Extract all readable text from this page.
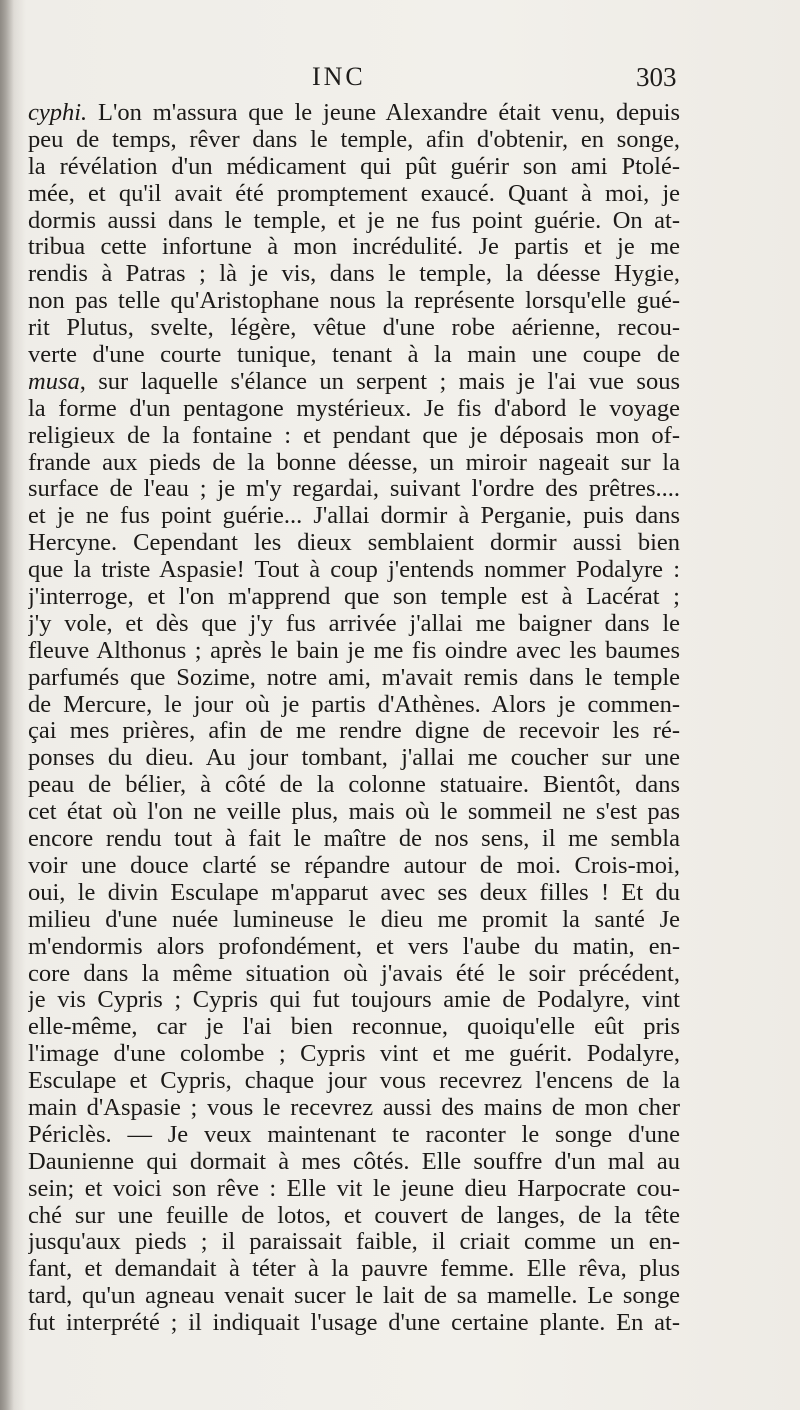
INC	303
cyphi. L'on m'assura que le jeune Alexandre était venu, depuis
peu de temps, rêver dans le temple, afin d'obtenir, en songe,
la révélation d'un médicament qui pût guérir son ami Ptolé-
mée, et qu'il avait été promptement exaucé. Quant à moi, je
dormis aussi dans le temple, et je ne fus point guérie. On at-
tribua cette infortune à mon incrédulité. Je partis et je me
rendis à Patras ; là je vis, dans le temple, la déesse Hygie,
non pas telle qu'Aristophane nous la représente lorsqu'elle gué-
rit Plutus, svelte, légère, vêtue d'une robe aérienne, recou-
verte d'une courte tunique, tenant à la main une coupe de
musa, sur laquelle s'élance un serpent ; mais je l'ai vue sous
la forme d'un pentagone mystérieux. Je fis d'abord le voyage
religieux de la fontaine : et pendant que je déposais mon of-
frande aux pieds de la bonne déesse, un miroir nageait sur la
surface de l'eau ; je m'y regardai, suivant l'ordre des prêtres....
et je ne fus point guérie... J'allai dormir à Perganie, puis dans
Hercyne. Cependant les dieux semblaient dormir aussi bien
que la triste Aspasie! Tout à coup j'entends nommer Podalyre :
j'interroge, et l'on m'apprend que son temple est à Lacérat ;
j'y vole, et dès que j'y fus arrivée j'allai me baigner dans le
fleuve Althonus ; après le bain je me fis oindre avec les baumes
parfumés que Sozime, notre ami, m'avait remis dans le temple
de Mercure, le jour où je partis d'Athènes. Alors je commen-
çai mes prières, afin de me rendre digne de recevoir les ré-
ponses du dieu. Au jour tombant, j'allai me coucher sur une
peau de bélier, à côté de la colonne statuaire. Bientôt, dans
cet état où l'on ne veille plus, mais où le sommeil ne s'est pas
encore rendu tout à fait le maître de nos sens, il me sembla
voir une douce clarté se répandre autour de moi. Crois-moi,
oui, le divin Esculape m'apparut avec ses deux filles ! Et du
milieu d'une nuée lumineuse le dieu me promit la santé Je
m'endormis alors profondément, et vers l'aube du matin, en-
core dans la même situation où j'avais été le soir précédent,
je vis Cypris ; Cypris qui fut toujours amie de Podalyre, vint
elle-même, car je l'ai bien reconnue, quoiqu'elle eût pris
l'image d'une colombe ; Cypris vint et me guérit. Podalyre,
Esculape et Cypris, chaque jour vous recevrez l'encens de la
main d'Aspasie ; vous le recevrez aussi des mains de mon cher
Périclès. — Je veux maintenant te raconter le songe d'une
Daunienne qui dormait à mes côtés. Elle souffre d'un mal au
sein; et voici son rêve : Elle vit le jeune dieu Harpocrate cou-
ché sur une feuille de lotos, et couvert de langes, de la tête
jusqu'aux pieds ; il paraissait faible, il criait comme un en-
fant, et demandait à téter à la pauvre femme. Elle rêva, plus
tard, qu'un agneau venait sucer le lait de sa mamelle. Le songe
fut interprété ; il indiquait l'usage d'une certaine plante. En at-
